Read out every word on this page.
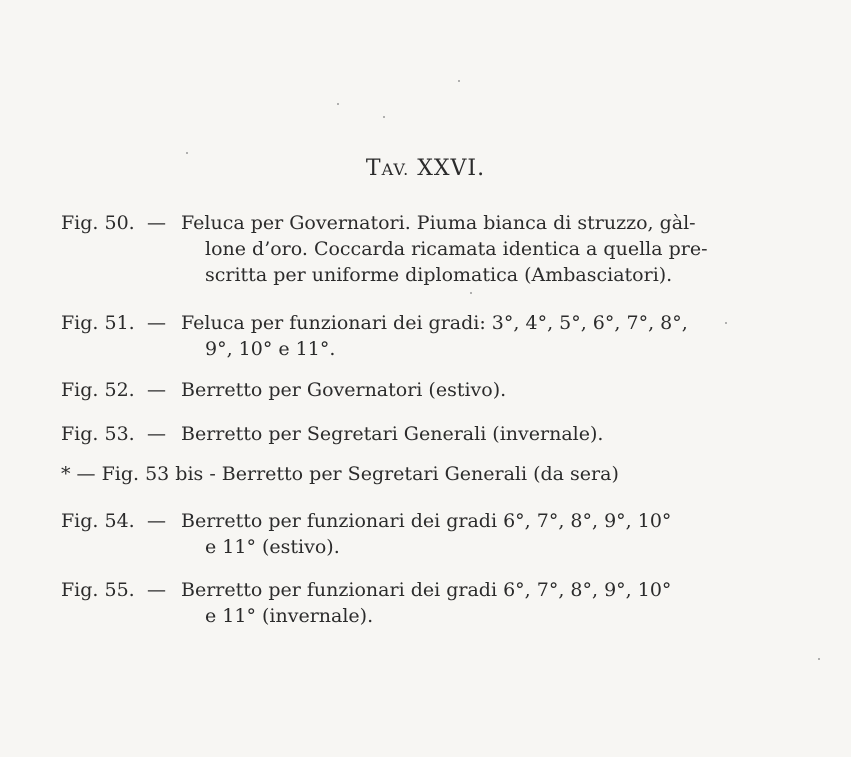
TAV. XXVI.
Fig. 50. — Feluca per Governatori. Piuma bianca di struzzo, gàl-
lone d’oro. Coccarda ricamata identica a quella pre-
scritta per uniforme diplomatica (Ambasciatori).
Fig. 51. — Feluca per funzionari dei gradi: 3°, 4°, 5°, 6°, 7°, 8°,
9°, 10° e 11°.
Fig. 52. — Berretto per Governatori (estivo).
Fig. 53. — Berretto per Segretari Generali (invernale).
* — Fig. 53 bis - Berretto per Segretari Generali (da sera)
Fig. 54. — Berretto per funzionari dei gradi 6°, 7°, 8°, 9°, 10°
e 11° (estivo).
Fig. 55. — Berretto per funzionari dei gradi 6°, 7°, 8°, 9°, 10°
e 11° (invernale).
